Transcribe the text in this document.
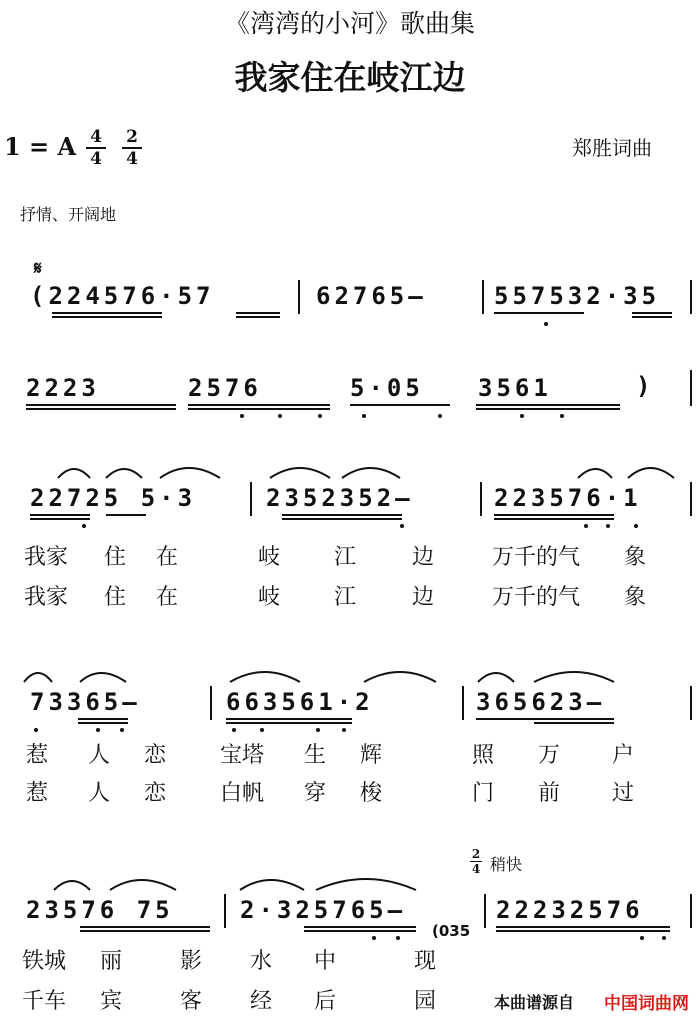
《湾湾的小河》歌曲集
我家住在岐江边
1 = A 4
4
2
4	郑胜词曲
抒情、开阔地
𝄋
(224576·57	62765–	557532·35
2223	2576	5·05 3561	)
22725 5·3	2352352–	223576·1
我家 住 在	岐 江	边	万千的气 象
我家 住 在	岐 江	边	万千的气 象
73365–	663561·2	365623–
惹 人 恋 宝塔 生 辉	照 万 户
惹 人 恋 白帆 穿 梭	门 前 过
2
4 稍快
23576 75	2·325765–	22232576
(035
铁城 丽	影 水 中	现
千车 宾	客 经 后	园	本曲谱源自 中国词曲网
